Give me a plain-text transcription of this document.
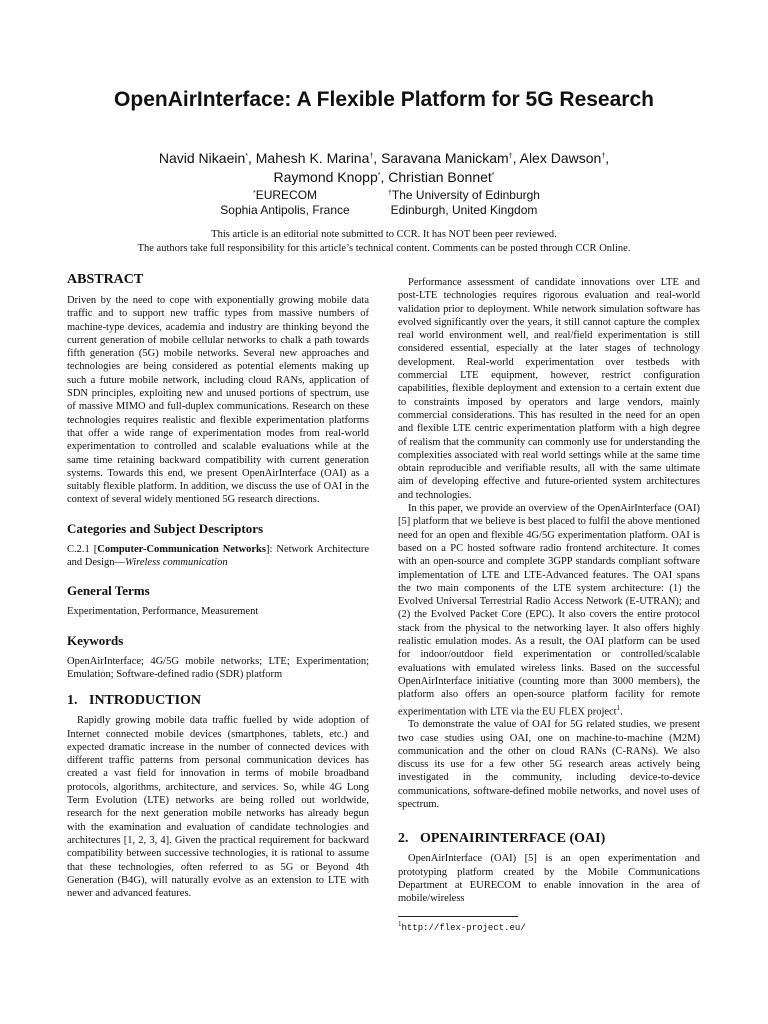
OpenAirInterface: A Flexible Platform for 5G Research
Navid Nikaein*, Mahesh K. Marina†, Saravana Manickam†, Alex Dawson†,
Raymond Knopp*, Christian Bonnet*
*EURECOM
Sophia Antipolis, France
†The University of Edinburgh
Edinburgh, United Kingdom
This article is an editorial note submitted to CCR. It has NOT been peer reviewed.
The authors take full responsibility for this article’s technical content. Comments can be posted through CCR Online.
ABSTRACT

Driven by the need to cope with exponentially growing mobile data traffic and to support new traffic types from massive numbers of machine-type devices, academia and industry are thinking beyond the current generation of mobile cellular networks to chalk a path towards fifth generation (5G) mobile networks. Several new approaches and technologies are being considered as potential elements making up such a future mobile network, including cloud RANs, application of SDN principles, exploiting new and unused portions of spectrum, use of massive MIMO and full-duplex communications. Research on these technologies requires realistic and flexible experimentation platforms that offer a wide range of experimentation modes from real-world experimentation to controlled and scalable evaluations while at the same time retaining backward compatibility with current generation systems. Towards this end, we present OpenAirInterface (OAI) as a suitably flexible platform. In addition, we discuss the use of OAI in the context of several widely mentioned 5G research directions.

Categories and Subject Descriptors

C.2.1 [Computer-Communication Networks]: Network Architecture and Design—Wireless communication

General Terms

Experimentation, Performance, Measurement

Keywords

OpenAirInterface; 4G/5G mobile networks; LTE; Experimentation; Emulation; Software-defined radio (SDR) platform

1. INTRODUCTION

Rapidly growing mobile data traffic fuelled by wide adoption of Internet connected mobile devices (smartphones, tablets, etc.) and expected dramatic increase in the number of connected devices with different traffic patterns from personal communication devices has created a vast field for innovation in terms of mobile broadband protocols, algorithms, architecture, and services. So, while 4G Long Term Evolution (LTE) networks are being rolled out worldwide, research for the next generation mobile networks has already begun with the examination and evaluation of candidate technologies and architectures [1, 2, 3, 4]. Given the practical requirement for backward compatibility between successive technologies, it is rational to assume that these technologies, often referred to as 5G or Beyond 4th Generation (B4G), will naturally evolve as an extension to LTE with newer and advanced features.

Performance assessment of candidate innovations over LTE and post-LTE technologies requires rigorous evaluation and real-world validation prior to deployment. While network simulation software has evolved significantly over the years, it still cannot capture the complex real world environment well, and real/field experimentation is still considered essential, especially at the later stages of technology development. Real-world experimentation over testbeds with commercial LTE equipment, however, restrict configuration capabilities, flexible deployment and extension to a certain extent due to constraints imposed by operators and large vendors, mainly commercial considerations. This has resulted in the need for an open and flexible LTE centric experimentation platform with a high degree of realism that the community can commonly use for understanding the complexities associated with real world settings while at the same time obtain reproducible and verifiable results, all with the same ultimate aim of developing effective and future-oriented system architectures and technologies.

In this paper, we provide an overview of the OpenAirInterface (OAI) [5] platform that we believe is best placed to fulfil the above mentioned need for an open and flexible 4G/5G experimentation platform. OAI is based on a PC hosted software radio frontend architecture. It comes with an open-source and complete 3GPP standards compliant software implementation of LTE and LTE-Advanced features. The OAI spans the two main components of the LTE system architecture: (1) the Evolved Universal Terrestrial Radio Access Network (E-UTRAN); and (2) the Evolved Packet Core (EPC). It also covers the entire protocol stack from the physical to the networking layer. It also offers highly realistic emulation modes. As a result, the OAI platform can be used for indoor/outdoor field experimentation or controlled/scalable evaluations with emulated wireless links. Based on the successful OpenAirInterface initiative (counting more than 3000 members), the platform also offers an open-source platform facility for remote experimentation with LTE via the EU FLEX project$^1$.

To demonstrate the value of OAI for 5G related studies, we present two case studies using OAI, one on machine-to-machine (M2M) communication and the other on cloud RANs (C-RANs). We also discuss its use for a few other 5G research areas actively being investigated in the community, including device-to-device communications, software-defined mobile networks, and novel uses of spectrum.

2. OPENAIRINTERFACE (OAI)

OpenAirInterface (OAI) [5] is an open experimentation and prototyping platform created by the Mobile Communications Department at EURECOM to enable innovation in the area of mobile/wireless

$^1$http://flex-project.eu/
